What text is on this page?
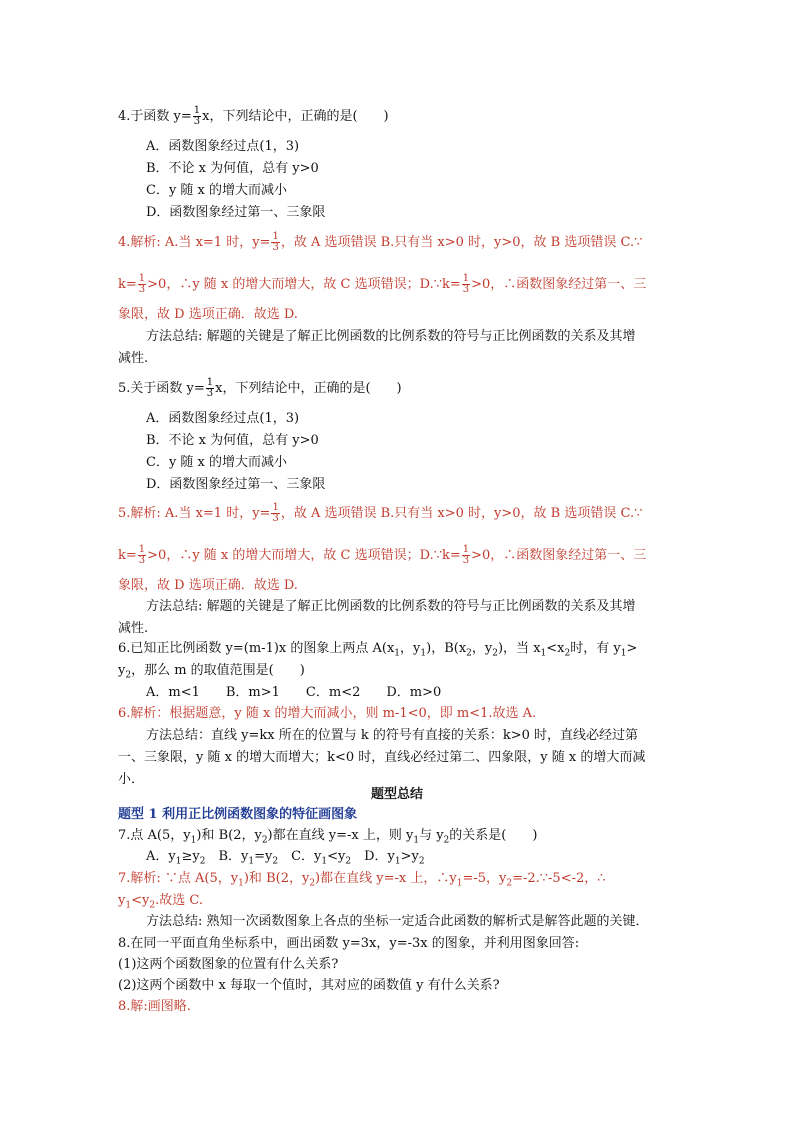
4.于函数 $y= \frac{1}{3}$ x，下列结论中，正确的是(　　)
A．函数图象经过点(1，3)
B．不论 x 为何值，总有 y>0
C．y 随 x 的增大而减小
D．函数图象经过第一、三象限
4.解析: A.当 x=1 时，$y= \frac{1}{3}$ ，故 A 选项错误 B.只有当 x>0 时，y>0，故 B 选项错误 C.∵
$k= \frac{1}{3} >0$，∴y 随 x 的增大而增大，故 C 选项错误；D.∵k= $\frac{1}{3} >0$，∴函数图象经过第一、三
象限，故 D 选项正确．故选 D.
方法总结: 解题的关键是了解正比例函数的比例系数的符号与正比例函数的关系及其增
减性.
5.关于函数 $y= \frac{1}{3}$ x，下列结论中，正确的是(　　)
A．函数图象经过点(1，3)
B．不论 x 为何值，总有 y>0
C．y 随 x 的增大而减小
D．函数图象经过第一、三象限
5.解析: A.当 x=1 时，$y= \frac{1}{3}$ ，故 A 选项错误 B.只有当 x>0 时，y>0，故 B 选项错误 C.∵
$k= \frac{1}{3} >0$，∴y 随 x 的增大而增大，故 C 选项错误；D.∵k= $\frac{1}{3} >0$，∴函数图象经过第一、三
象限，故 D 选项正确．故选 D.
方法总结: 解题的关键是了解正比例函数的比例系数的符号与正比例函数的关系及其增
减性.
6.已知正比例函数 y=(m-1)x 的图象上两点 $A(x_1$，$y_1$)，$B(x_2$，$y_2$)，当 $x_1<x_2$时，有 $y_1>$
$y_2$，那么 m 的取值范围是(　　)
A．m<1　　B．m>1　　C．m<2　　D．m>0
6.解析：根据题意，y 随 x 的增大而减小，则 m-1<0，即 m<1.故选 A.
方法总结：直线 y=kx 所在的位置与 k 的符号有直接的关系：k>0 时，直线必经过第
一、三象限，y 随 x 的增大而增大；k<0 时，直线必经过第二、四象限，y 随 x 的增大而减
小．
题型总结
题型 1 利用正比例函数图象的特征画图象
7.点 A(5，$y_1$)和 B(2，$y_2$)都在直线 y=-x 上，则 $y_1$与 $y_2$的关系是(　　)
A．$y_1\ge y_2$　B．$y_1=y_2$　C．$y_1<y_2$　D．$y_1>y_2$
7.解析: ∵点 A(5，$y_1$)和 B(2，$y_2$)都在直线 y=-x 上，$\therefore y_1=-5$，$y_2=-2.\because-5<-2$，∴
$y_1<y_2$.故选 C.
方法总结: 熟知一次函数图象上各点的坐标一定适合此函数的解析式是解答此题的关键．
8.在同一平面直角坐标系中，画出函数 y=3x，y=-3x 的图象，并利用图象回答:
(1)这两个函数图象的位置有什么关系?
(2)这两个函数中 x 每取一个值时，其对应的函数值 y 有什么关系?
8.解:画图略.
